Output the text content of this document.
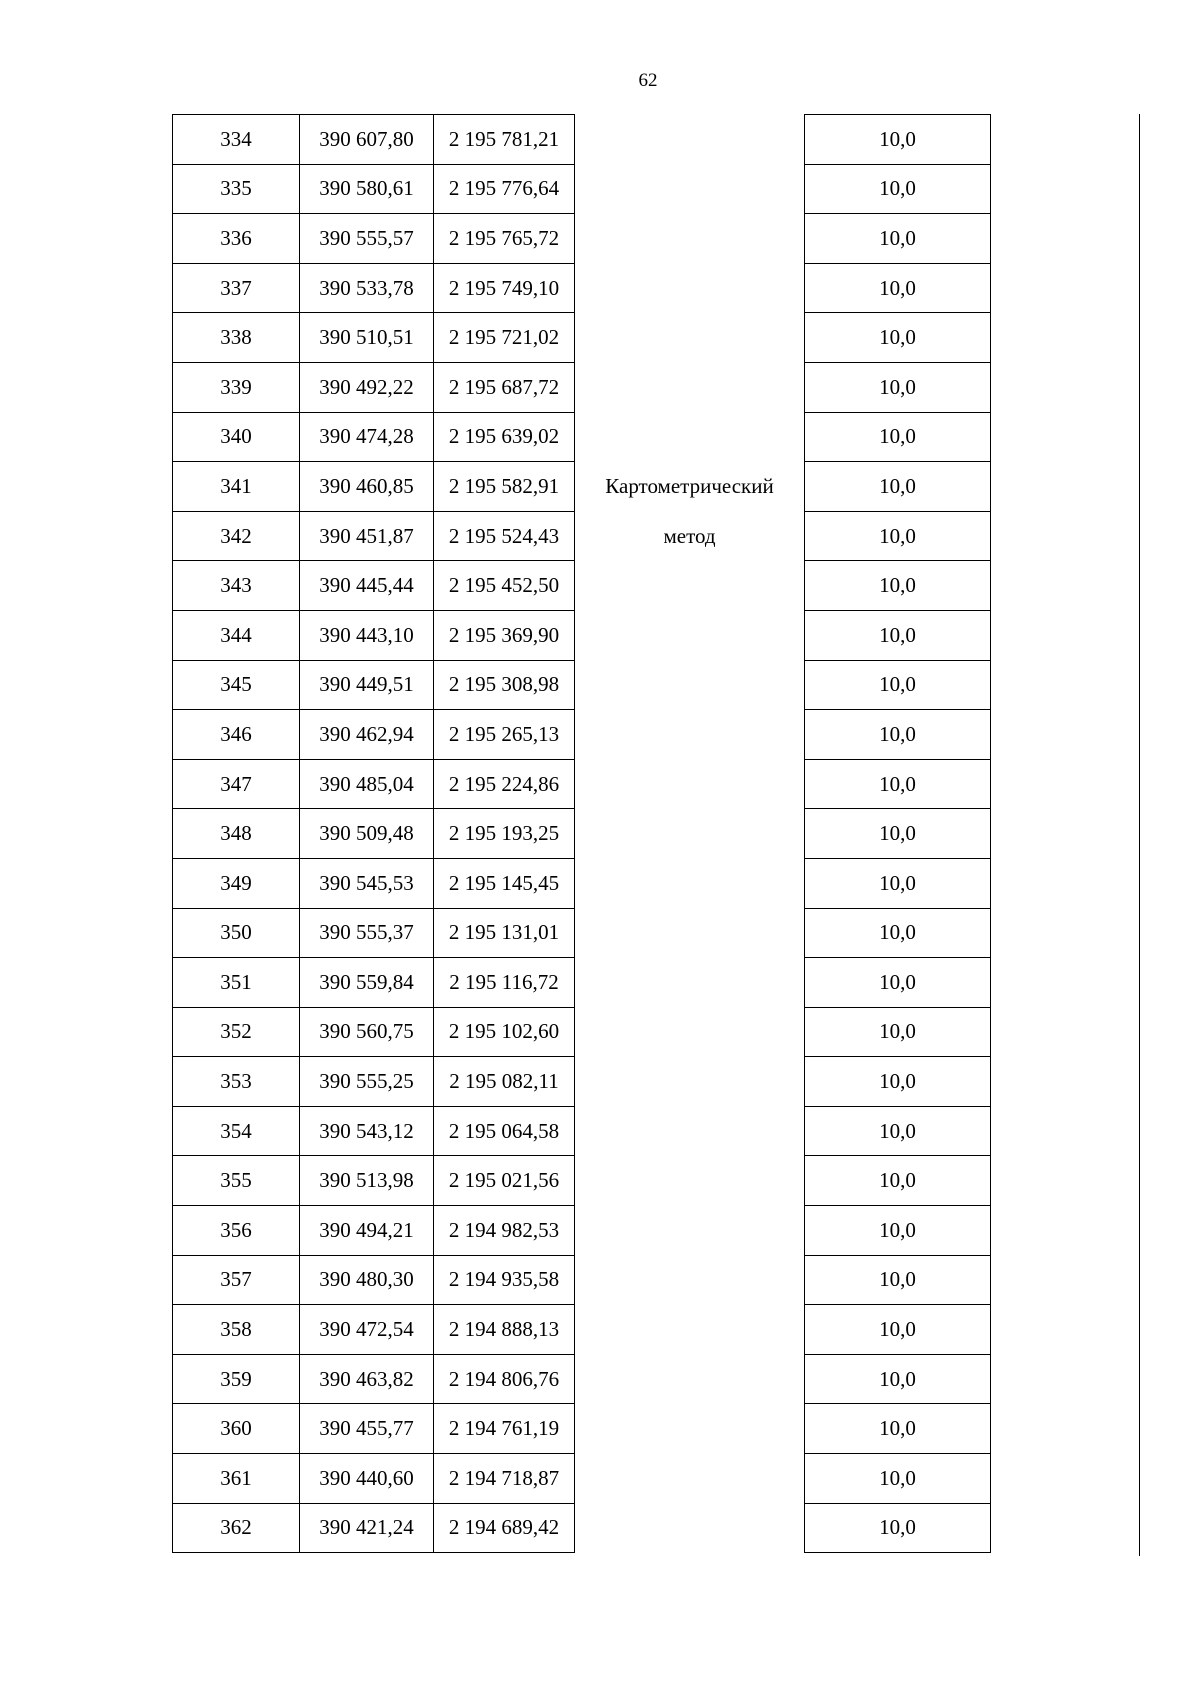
62
334	390 607,80	2 195 781,21		10,0	
335	390 580,61	2 195 776,64		10,0	
336	390 555,57	2 195 765,72		10,0	
337	390 533,78	2 195 749,10		10,0	
338	390 510,51	2 195 721,02		10,0	
339	390 492,22	2 195 687,72		10,0	
340	390 474,28	2 195 639,02		10,0	
341	390 460,85	2 195 582,91	Картометрический	10,0	
342	390 451,87	2 195 524,43	метод	10,0	
343	390 445,44	2 195 452,50		10,0	
344	390 443,10	2 195 369,90		10,0	
345	390 449,51	2 195 308,98		10,0	
346	390 462,94	2 195 265,13		10,0	
347	390 485,04	2 195 224,86		10,0	
348	390 509,48	2 195 193,25		10,0	
349	390 545,53	2 195 145,45		10,0	
350	390 555,37	2 195 131,01		10,0	
351	390 559,84	2 195 116,72		10,0	
352	390 560,75	2 195 102,60		10,0	
353	390 555,25	2 195 082,11		10,0	
354	390 543,12	2 195 064,58		10,0	
355	390 513,98	2 195 021,56		10,0	
356	390 494,21	2 194 982,53		10,0	
357	390 480,30	2 194 935,58		10,0	
358	390 472,54	2 194 888,13		10,0	
359	390 463,82	2 194 806,76		10,0	
360	390 455,77	2 194 761,19		10,0	
361	390 440,60	2 194 718,87		10,0	
362	390 421,24	2 194 689,42		10,0	
